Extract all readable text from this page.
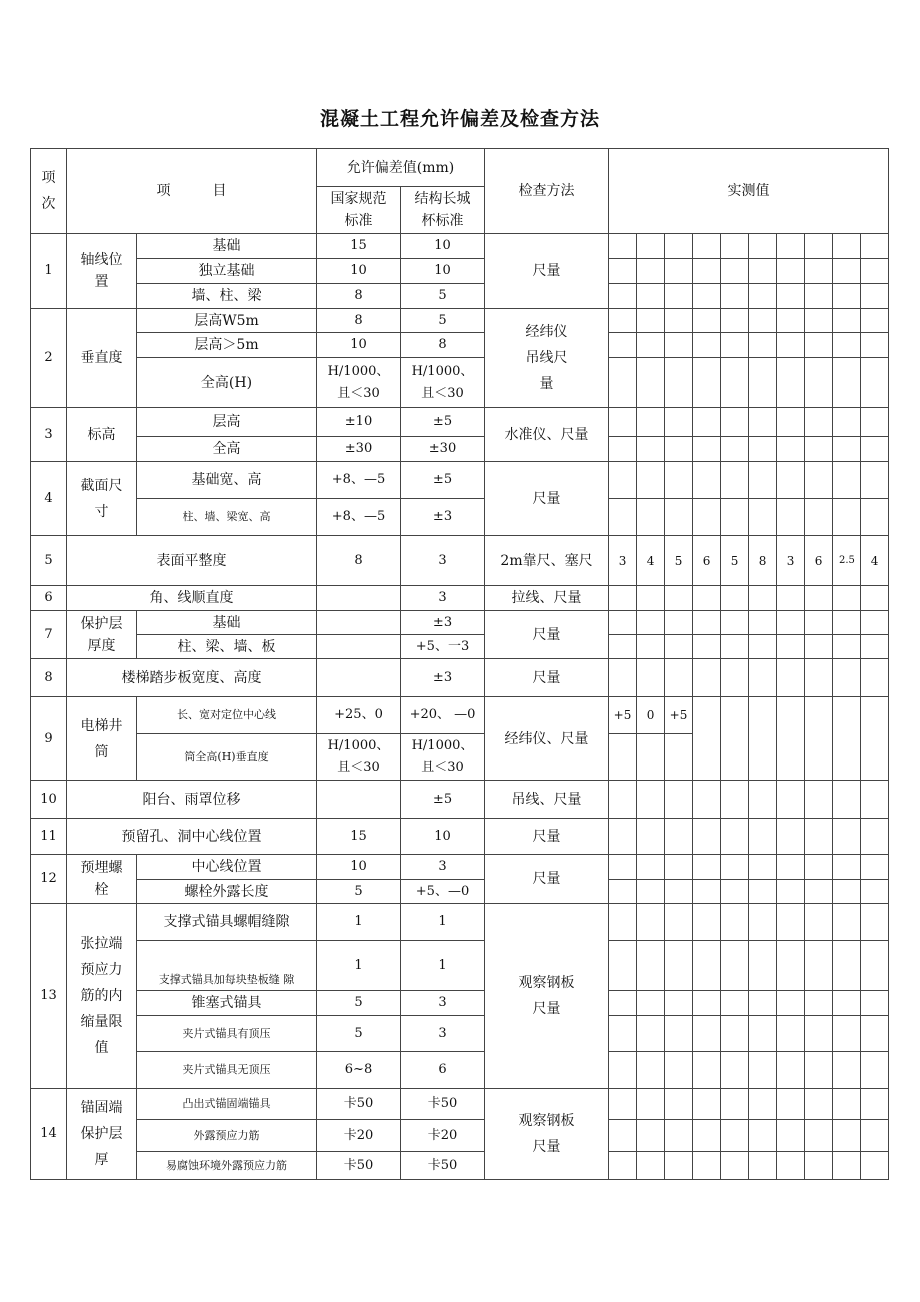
混凝土工程允许偏差及检查方法
项次	项　　　目		允许偏差值(mm)		检查方法	实测值									
			国家规范标准	结构长城杯标准											
1	轴线位置	基础	15	10	尺量										
		独立基础	10	10											
		墙、柱、梁	8	5											
2	垂直度	层高W5m	8	5	经纬仪吊线尺量										
		层高＞5m	10	8											
		全高(H)	H/1000、且＜30	H/1000、且＜30											
3	标高	层高	±10	±5	水准仪、尺量										
		全高	±30	±30											
4	截面尺寸	基础宽、高	+8、—5	±5	尺量										
		柱、墙、梁宽、高	+8、—5	±3											
5	表面平整度		8	3	2m靠尺、塞尺	3	4	5	6	5	8	3	6	2.5	4
6	角、线顺直度			3	拉线、尺量										
7	保护层厚度	基础		±3	尺量										
		柱、梁、墙、板		+5、一3											
8	楼梯踏步板宽度、高度			±3	尺量										
9	电梯井筒	长、宽对定位中心线	+25、0	+20、 —0	经纬仪、尺量	+5	0	+5							
		筒全高(H)垂直度	H/1000、且＜30	H/1000、且＜30											
10	阳台、雨罩位移			±5	吊线、尺量										
11	预留孔、洞中心线位置		15	10	尺量										
12	预埋螺栓	中心线位置	10	3	尺量										
		螺栓外露长度	5	+5、—0											
13	张拉端预应力筋的内缩量限值	支撑式锚具螺帽缝隙	1	1	观察钢板尺量										
		支撑式锚具加每块垫板缝 隙	1	1											
		锥塞式锚具	5	3											
		夹片式锚具有顶压	5	3											
		夹片式锚具无顶压	6~8	6											
14	锚固端保护层厚	凸出式锚固端锚具	卡50	卡50	观察钢板尺量										
		外露预应力筋	卡20	卡20											
		易腐蚀环境外露预应力筋	卡50	卡50											
